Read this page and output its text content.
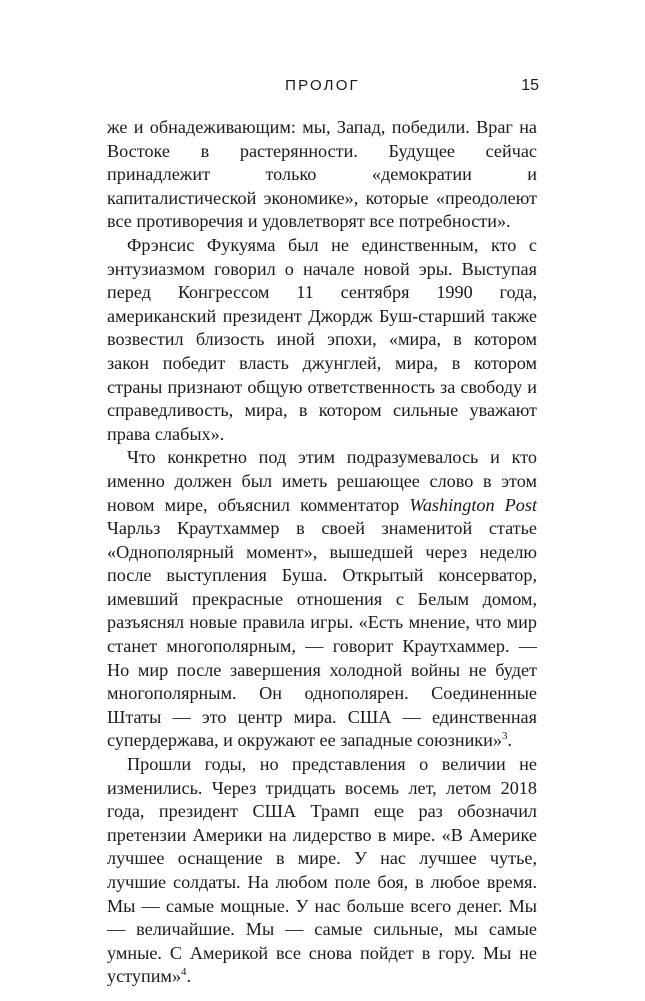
ПРОЛОГ	15

же и обнадеживающим: мы, Запад, победили. Враг на Востоке в растерянности. Будущее сейчас принадлежит только «демократии и капиталистической экономике», которые «преодолеют все противоречия и удовлетворят все потребности».

Фрэнсис Фукуяма был не единственным, кто с энтузиазмом говорил о начале новой эры. Выступая перед Конгрессом 11 сентября 1990 года, американский президент Джордж Буш-старший также возвестил близость иной эпохи, «мира, в котором закон победит власть джунглей, мира, в котором страны признают общую ответственность за свободу и справедливость, мира, в котором сильные уважают права слабых».

Что конкретно под этим подразумевалось и кто именно должен был иметь решающее слово в этом новом мире, объяснил комментатор Washington Post Чарльз Краутхаммер в своей знаменитой статье «Однополярный момент», вышедшей через неделю после выступления Буша. Открытый консерватор, имевший прекрасные отношения с Белым домом, разъяснял новые правила игры. «Есть мнение, что мир станет многополярным, — говорит Краутхаммер. — Но мир после завершения холодной войны не будет многополярным. Он однополярен. Соединенные Штаты — это центр мира. США — единственная супердержава, и окружают ее западные союзники»$^3$.

Прошли годы, но представления о величии не изменились. Через тридцать восемь лет, летом 2018 года, президент США Трамп еще раз обозначил претензии Америки на лидерство в мире. «В Америке лучшее оснащение в мире. У нас лучшее чутье, лучшие солдаты. На любом поле боя, в любое время. Мы — самые мощные. У нас больше всего денег. Мы — величайшие. Мы — самые сильные, мы самые умные. С Америкой все снова пойдет в гору. Мы не уступим»$^4$.
